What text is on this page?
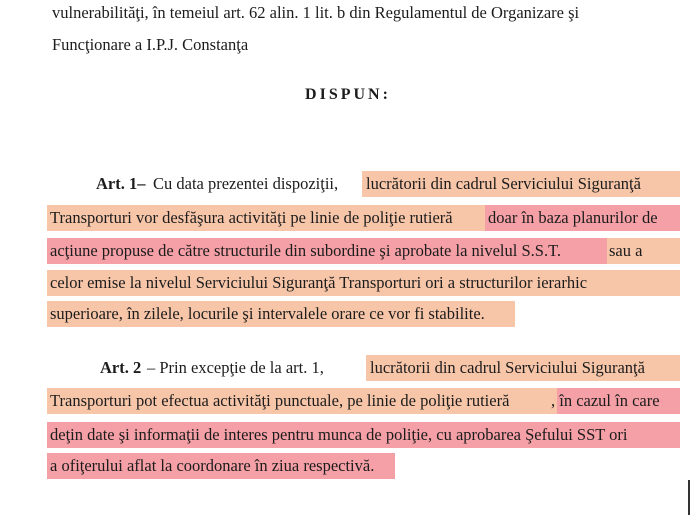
vulnerabilităţi, în temeiul art. 62 alin. 1 lit. b din Regulamentul de Organizare şi
Funcţionare a I.P.J. Constanţa
DISPUN:
Art. 1– Cu data prezentei dispoziţii, lucrătorii din cadrul Serviciului Siguranţă
Transporturi vor desfăşura activităţi pe linie de poliţie rutieră doar în baza planurilor de
acţiune propuse de către structurile din subordine şi aprobate la nivelul S.S.T.	sau a
celor emise la nivelul Serviciului Siguranţă Transporturi ori a structurilor ierarhic
superioare, în zilele, locurile şi intervalele orare ce vor fi stabilite.
Art. 2 – Prin excepţie de la art. 1,	lucrătorii din cadrul Serviciului Siguranţă
Transporturi pot efectua activităţi punctuale, pe linie de poliţie rutieră	, în cazul în care
deţin date şi informaţii de interes pentru munca de poliţie, cu aprobarea Şefului SST ori
a ofiţerului aflat la coordonare în ziua respectivă.
